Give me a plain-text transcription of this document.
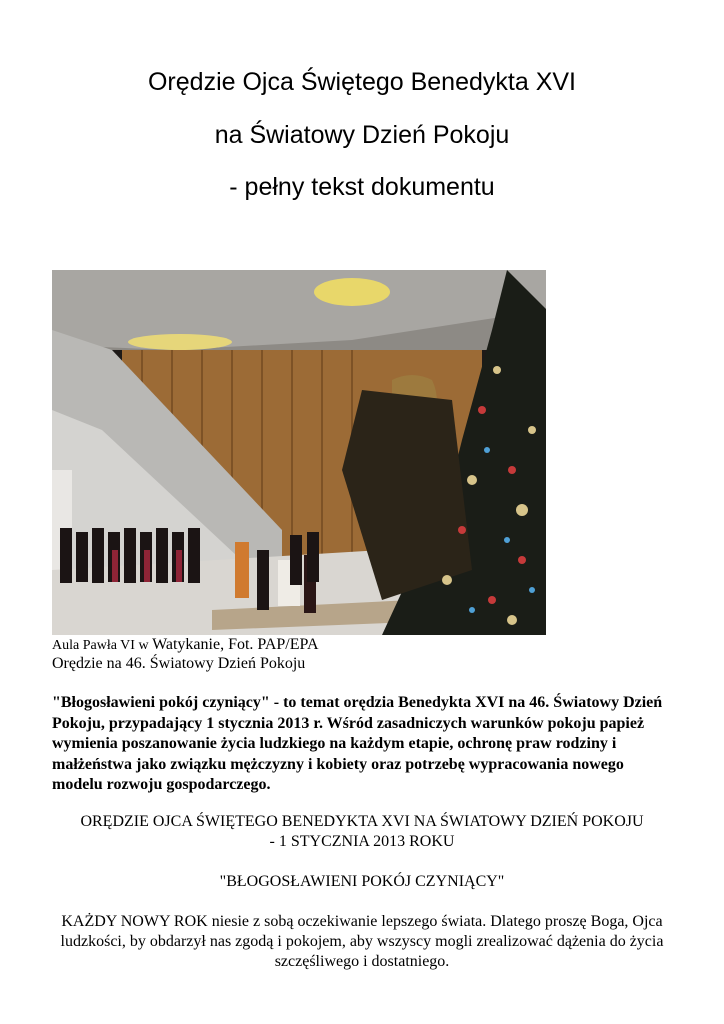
Orędzie Ojca Świętego Benedykta XVI
na Światowy Dzień Pokoju
- pełny tekst dokumentu
Aula Pawła VI w Watykanie, Fot. PAP/EPA
Orędzie na 46. Światowy Dzień Pokoju

"Błogosławieni pokój czyniący" - to temat orędzia Benedykta XVI na 46. Światowy Dzień Pokoju, przypadający 1 stycznia 2013 r. Wśród zasadniczych warunków pokoju papież wymienia poszanowanie życia ludzkiego na każdym etapie, ochronę praw rodziny i małżeństwa jako związku mężczyzny i kobiety oraz potrzebę wypracowania nowego modelu rozwoju gospodarczego.

ORĘDZIE OJCA ŚWIĘTEGO BENEDYKTA XVI NA ŚWIATOWY DZIEŃ POKOJU
- 1 STYCZNIA 2013 ROKU

"BŁOGOSŁAWIENI POKÓJ CZYNIĄCY"

KAŻDY NOWY ROK niesie z sobą oczekiwanie lepszego świata. Dlatego proszę Boga, Ojca ludzkości, by obdarzył nas zgodą i pokojem, aby wszyscy mogli zrealizować dążenia do życia szczęśliwego i dostatniego.
